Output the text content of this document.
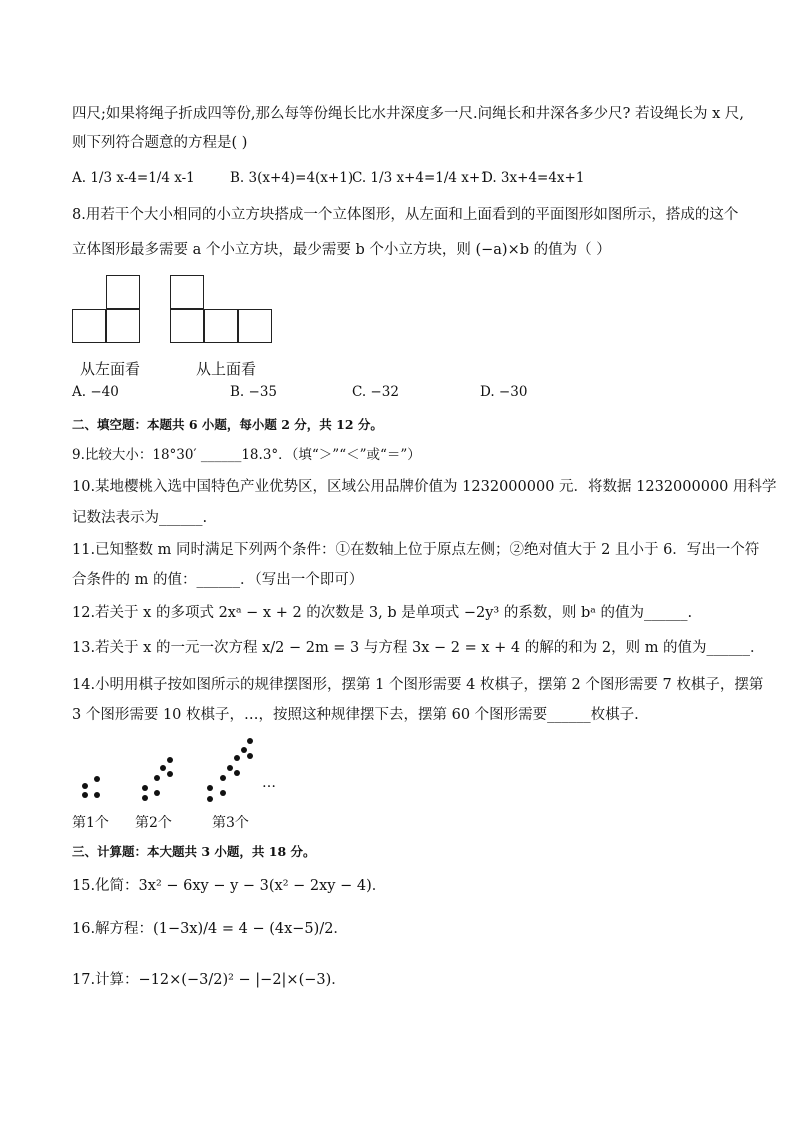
四尺;如果将绳子折成四等份,那么每等份绳长比水井深度多一尺.问绳长和井深各多少尺? 若设绳长为 x 尺,
则下列符合题意的方程是( )
A. 1/3 x-4=1/4 x-1	B. 3(x+4)=4(x+1)
C. 1/3 x+4=1/4 x+1
D. 3x+4=4x+1
8.用若干个大小相同的小立方块搭成一个立体图形，从左面和上面看到的平面图形如图所示，搭成的这个
立体图形最多需要 a 个小立方块，最少需要 b 个小立方块，则 (−a)×b 的值为（ ）
从左面看	从上面看
A. −40	B. −35	C. −32	D. −30
二、填空题：本题共 6 小题，每小题 2 分，共 12 分。
9.比较大小：18°30′ ______18.3°．（填“＞”“＜”或“＝”）
10.某地樱桃入选中国特色产业优势区，区域公用品牌价值为 1232000000 元．将数据 1232000000 用科学
记数法表示为______.
11.已知整数 m 同时满足下列两个条件：①在数轴上位于原点左侧；②绝对值大于 2 且小于 6．写出一个符
合条件的 m 的值：______．（写出一个即可）
12.若关于 x 的多项式 2xᵃ − x + 2 的次数是 3, b 是单项式 −2y³ 的系数，则 bᵃ 的值为______.
13.若关于 x 的一元一次方程 x/2 − 2m = 3 与方程 3x − 2 = x + 4 的解的和为 2，则 m 的值为______．
14.小明用棋子按如图所示的规律摆图形，摆第 1 个图形需要 4 枚棋子，摆第 2 个图形需要 7 枚棋子，摆第
3 个图形需要 10 枚棋子，…，按照这种规律摆下去，摆第 60 个图形需要______枚棋子.
…
第1个 第2个	第3个
三、计算题：本大题共 3 小题，共 18 分。
15.化简：3x² − 6xy − y − 3(x² − 2xy − 4)．
16.解方程：(1−3x)/4 = 4 − (4x−5)/2．
17.计算：−12×(−3/2)² − |−2|×(−3)．
